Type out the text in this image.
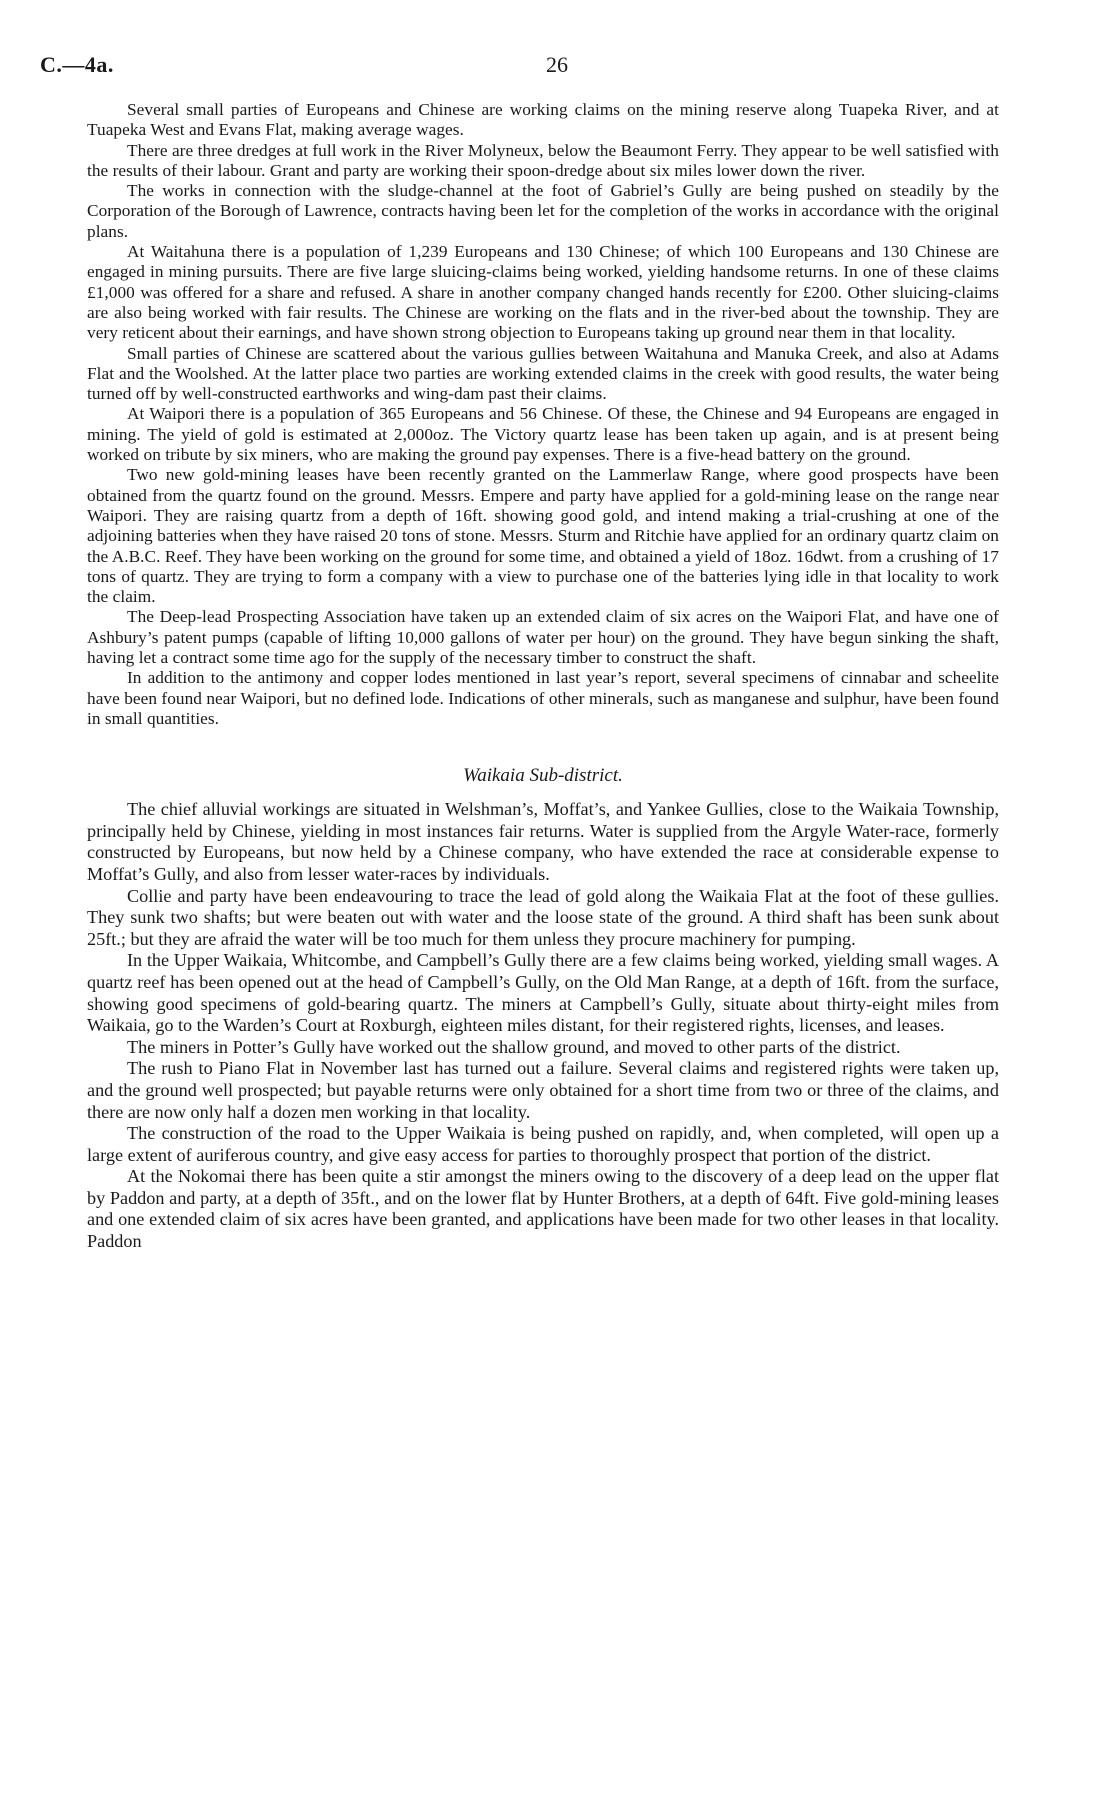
C.—4a.	26

Several small parties of Europeans and Chinese are working claims on the mining reserve along Tuapeka River, and at Tuapeka West and Evans Flat, making average wages.

There are three dredges at full work in the River Molyneux, below the Beaumont Ferry. They appear to be well satisfied with the results of their labour. Grant and party are working their spoon-dredge about six miles lower down the river.

The works in connection with the sludge-channel at the foot of Gabriel’s Gully are being pushed on steadily by the Corporation of the Borough of Lawrence, contracts having been let for the completion of the works in accordance with the original plans.

At Waitahuna there is a population of 1,239 Europeans and 130 Chinese; of which 100 Europeans and 130 Chinese are engaged in mining pursuits. There are five large sluicing-claims being worked, yielding handsome returns. In one of these claims £1,000 was offered for a share and refused. A share in another company changed hands recently for £200. Other sluicing-claims are also being worked with fair results. The Chinese are working on the flats and in the river-bed about the township. They are very reticent about their earnings, and have shown strong objection to Europeans taking up ground near them in that locality.

Small parties of Chinese are scattered about the various gullies between Waitahuna and Manuka Creek, and also at Adams Flat and the Woolshed. At the latter place two parties are working extended claims in the creek with good results, the water being turned off by well-constructed earthworks and wing-dam past their claims.

At Waipori there is a population of 365 Europeans and 56 Chinese. Of these, the Chinese and 94 Europeans are engaged in mining. The yield of gold is estimated at 2,000oz. The Victory quartz lease has been taken up again, and is at present being worked on tribute by six miners, who are making the ground pay expenses. There is a five-head battery on the ground.

Two new gold-mining leases have been recently granted on the Lammerlaw Range, where good prospects have been obtained from the quartz found on the ground. Messrs. Empere and party have applied for a gold-mining lease on the range near Waipori. They are raising quartz from a depth of 16ft. showing good gold, and intend making a trial-crushing at one of the adjoining batteries when they have raised 20 tons of stone. Messrs. Sturm and Ritchie have applied for an ordinary quartz claim on the A.B.C. Reef. They have been working on the ground for some time, and obtained a yield of 18oz. 16dwt. from a crushing of 17 tons of quartz. They are trying to form a company with a view to purchase one of the batteries lying idle in that locality to work the claim.

The Deep-lead Prospecting Association have taken up an extended claim of six acres on the Waipori Flat, and have one of Ashbury’s patent pumps (capable of lifting 10,000 gallons of water per hour) on the ground. They have begun sinking the shaft, having let a contract some time ago for the supply of the necessary timber to construct the shaft.

In addition to the antimony and copper lodes mentioned in last year’s report, several specimens of cinnabar and scheelite have been found near Waipori, but no defined lode. Indications of other minerals, such as manganese and sulphur, have been found in small quantities.

Waikaia Sub-district.

The chief alluvial workings are situated in Welshman’s, Moffat’s, and Yankee Gullies, close to the Waikaia Township, principally held by Chinese, yielding in most instances fair returns. Water is supplied from the Argyle Water-race, formerly constructed by Europeans, but now held by a Chinese company, who have extended the race at considerable expense to Moffat’s Gully, and also from lesser water-races by individuals.

Collie and party have been endeavouring to trace the lead of gold along the Waikaia Flat at the foot of these gullies. They sunk two shafts; but were beaten out with water and the loose state of the ground. A third shaft has been sunk about 25ft.; but they are afraid the water will be too much for them unless they procure machinery for pumping.

In the Upper Waikaia, Whitcombe, and Campbell’s Gully there are a few claims being worked, yielding small wages. A quartz reef has been opened out at the head of Campbell’s Gully, on the Old Man Range, at a depth of 16ft. from the surface, showing good specimens of gold-bearing quartz. The miners at Campbell’s Gully, situate about thirty-eight miles from Waikaia, go to the Warden’s Court at Roxburgh, eighteen miles distant, for their registered rights, licenses, and leases.

The miners in Potter’s Gully have worked out the shallow ground, and moved to other parts of the district.

The rush to Piano Flat in November last has turned out a failure. Several claims and registered rights were taken up, and the ground well prospected; but payable returns were only obtained for a short time from two or three of the claims, and there are now only half a dozen men working in that locality.

The construction of the road to the Upper Waikaia is being pushed on rapidly, and, when completed, will open up a large extent of auriferous country, and give easy access for parties to thoroughly prospect that portion of the district.

At the Nokomai there has been quite a stir amongst the miners owing to the discovery of a deep lead on the upper flat by Paddon and party, at a depth of 35ft., and on the lower flat by Hunter Brothers, at a depth of 64ft. Five gold-mining leases and one extended claim of six acres have been granted, and applications have been made for two other leases in that locality. Paddon
